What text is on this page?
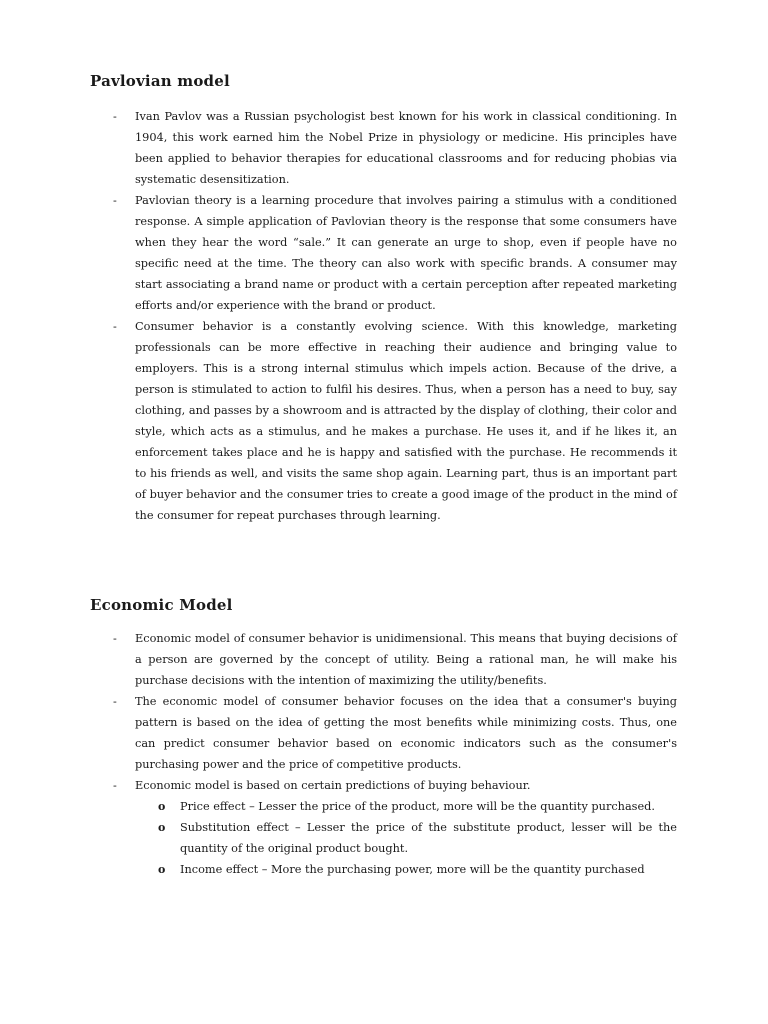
Pavlovian model
- Ivan Pavlov was a Russian psychologist best known for his work in classical conditioning. In 1904, this work earned him the Nobel Prize in physiology or medicine. His principles have been applied to behavior therapies for educational classrooms and for reducing phobias via systematic desensitization.
- Pavlovian theory is a learning procedure that involves pairing a stimulus with a conditioned response. A simple application of Pavlovian theory is the response that some consumers have when they hear the word “sale.” It can generate an urge to shop, even if people have no specific need at the time. The theory can also work with specific brands. A consumer may start associating a brand name or product with a certain perception after repeated marketing efforts and/or experience with the brand or product.
- Consumer behavior is a constantly evolving science. With this knowledge, marketing professionals can be more effective in reaching their audience and bringing value to employers. This is a strong internal stimulus which impels action. Because of the drive, a person is stimulated to action to fulfil his desires. Thus, when a person has a need to buy, say clothing, and passes by a showroom and is attracted by the display of clothing, their color and style, which acts as a stimulus, and he makes a purchase. He uses it, and if he likes it, an enforcement takes place and he is happy and satisfied with the purchase. He recommends it to his friends as well, and visits the same shop again. Learning part, thus is an important part of buyer behavior and the consumer tries to create a good image of the product in the mind of the consumer for repeat purchases through learning.
Economic Model
- Economic model of consumer behavior is unidimensional. This means that buying decisions of a person are governed by the concept of utility. Being a rational man, he will make his purchase decisions with the intention of maximizing the utility/benefits.
- The economic model of consumer behavior focuses on the idea that a consumer's buying pattern is based on the idea of getting the most benefits while minimizing costs. Thus, one can predict consumer behavior based on economic indicators such as the consumer's purchasing power and the price of competitive products.
- Economic model is based on certain predictions of buying behaviour.
o Price effect – Lesser the price of the product, more will be the quantity purchased.
o Substitution effect – Lesser the price of the substitute product, lesser will be the quantity of the original product bought.
o Income effect – More the purchasing power, more will be the quantity purchased
